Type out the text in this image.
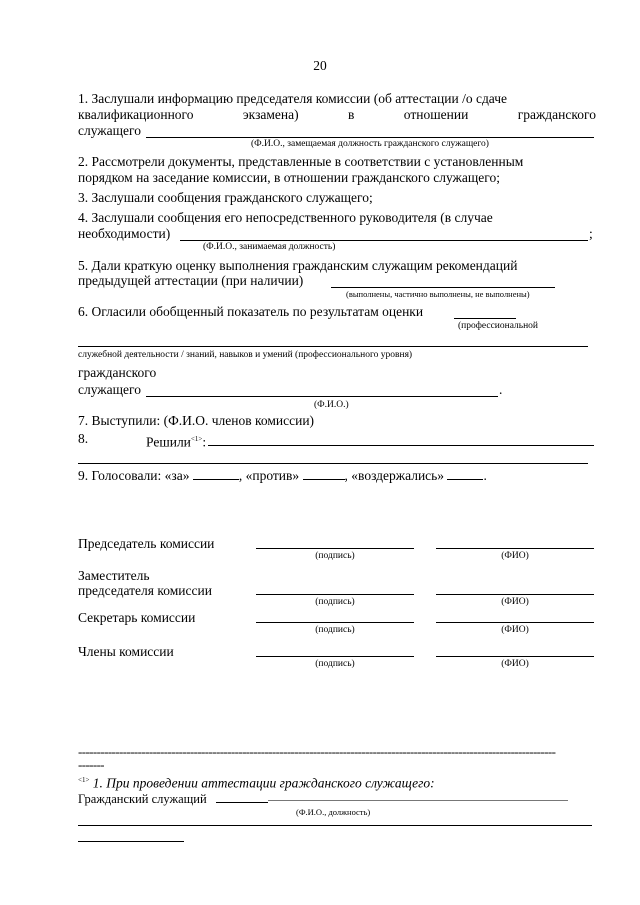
20
1. Заслушали информацию председателя комиссии (об аттестации /о сдаче
квалификационного	экзамена)	в	отношении	гражданского
служащего
(Ф.И.О., замещаемая должность гражданского служащего)
2. Рассмотрели документы, представленные в соответствии с установленным
порядком на заседание комиссии, в отношении гражданского служащего;
3. Заслушали сообщения гражданского служащего;
4. Заслушали сообщения его непосредственного руководителя (в случае
необходимости)	;
(Ф.И.О., занимаемая должность)
5. Дали краткую оценку выполнения гражданским служащим рекомендаций
предыдущей аттестации (при наличии)
(выполнены, частично выполнены, не выполнены)
6. Огласили обобщенный показатель по результатам оценки
(профессиональной
служебной деятельности / знаний, навыков и умений (профессионального уровня)
гражданского
служащего	.
(Ф.И.О.)
7. Выступили: (Ф.И.О. членов комиссии)
8.	Решили$^{<1>}$:
9. Голосовали: «за»	, «против»	, «воздержались»	.
Председатель комиссии
(подпись)	(ФИО)
Заместитель
председателя комиссии
(подпись)	(ФИО)
Секретарь комиссии
(подпись)	(ФИО)
Члены комиссии
(подпись)	(ФИО)
--------------------------------------------------------------------------------------------------------------------------------
-------
$^{<1>}$ 1. При проведении аттестации гражданского служащего:
Гражданский служащий
(Ф.И.О., должность)
